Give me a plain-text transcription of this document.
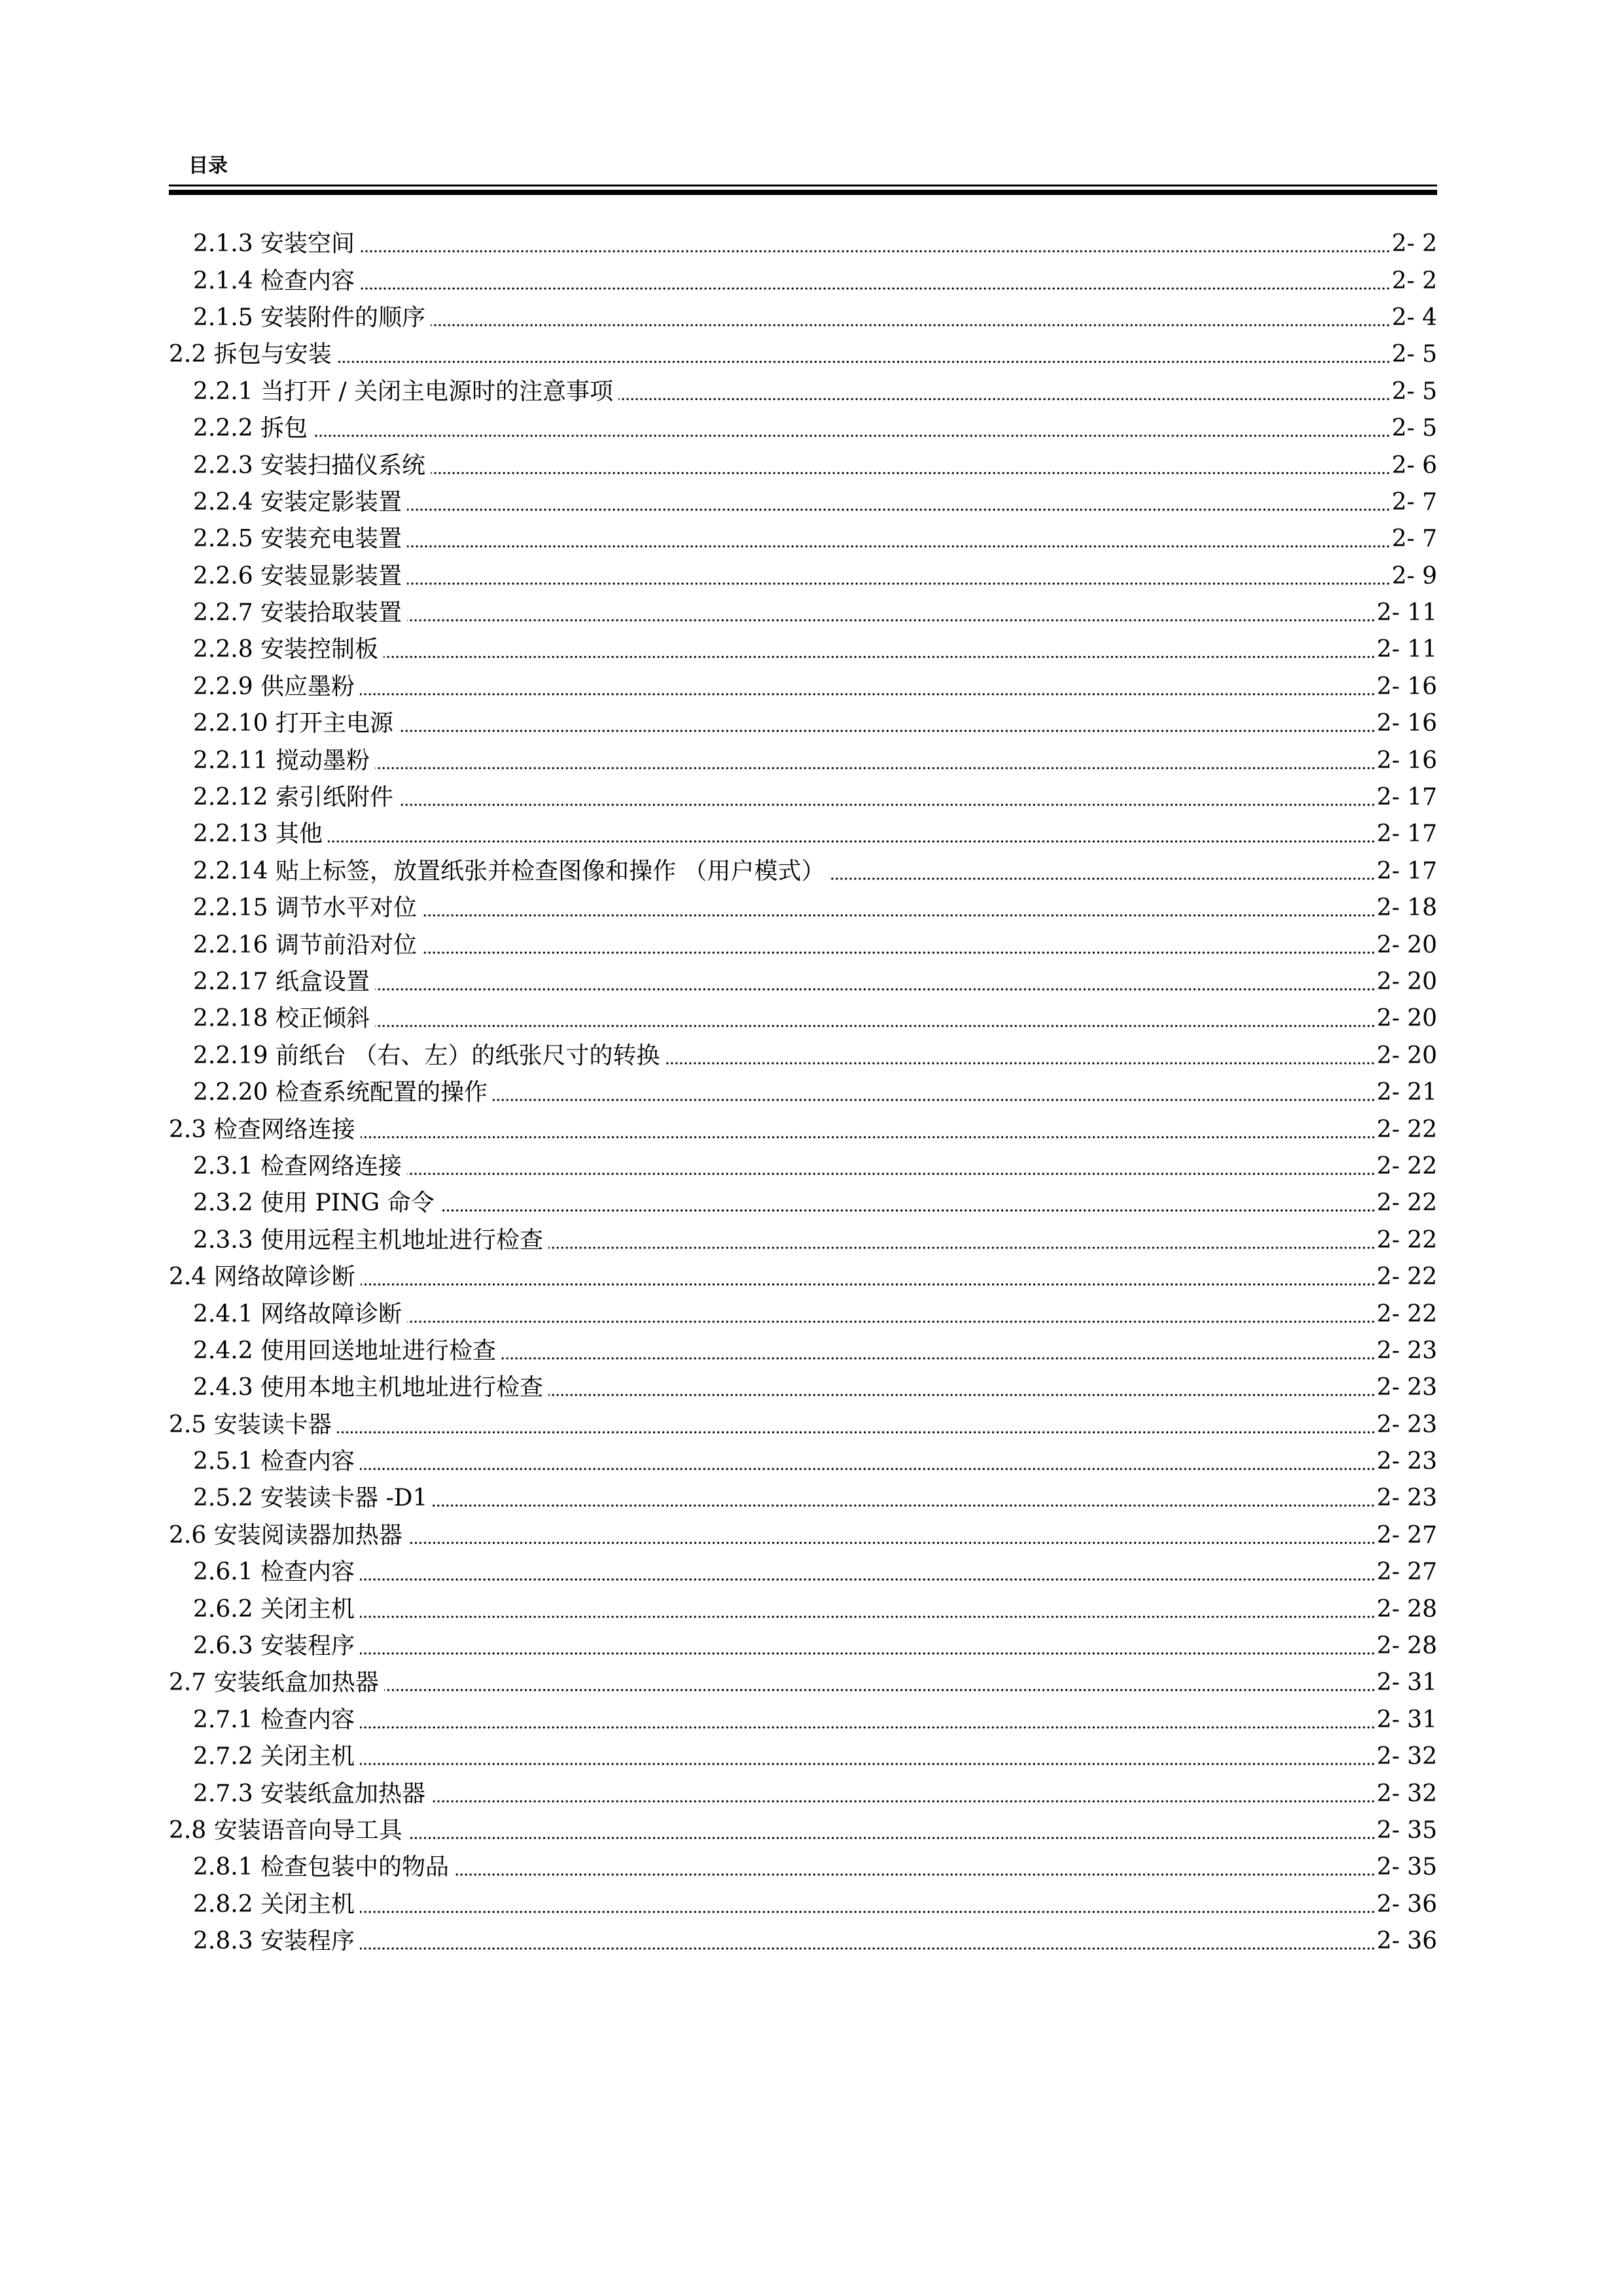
目录
2.1.3 安装空间	2- 2
2.1.4 检查内容	2- 2
2.1.5 安装附件的顺序	2- 4
2.2 拆包与安装	2- 5
2.2.1 当打开 / 关闭主电源时的注意事项	2- 5
2.2.2 拆包	2- 5
2.2.3 安装扫描仪系统	2- 6
2.2.4 安装定影装置	2- 7
2.2.5 安装充电装置	2- 7
2.2.6 安装显影装置	2- 9
2.2.7 安装拾取装置	2- 11
2.2.8 安装控制板	2- 11
2.2.9 供应墨粉	2- 16
2.2.10 打开主电源	2- 16
2.2.11 搅动墨粉	2- 16
2.2.12 索引纸附件	2- 17
2.2.13 其他	2- 17
2.2.14 贴上标签，放置纸张并检查图像和操作 （用户模式）	2- 17
2.2.15 调节水平对位	2- 18
2.2.16 调节前沿对位	2- 20
2.2.17 纸盒设置	2- 20
2.2.18 校正倾斜	2- 20
2.2.19 前纸台 （右、左）的纸张尺寸的转换	2- 20
2.2.20 检查系统配置的操作	2- 21
2.3 检查网络连接	2- 22
2.3.1 检查网络连接	2- 22
2.3.2 使用 PING 命令	2- 22
2.3.3 使用远程主机地址进行检查	2- 22
2.4 网络故障诊断	2- 22
2.4.1 网络故障诊断	2- 22
2.4.2 使用回送地址进行检查	2- 23
2.4.3 使用本地主机地址进行检查	2- 23
2.5 安装读卡器	2- 23
2.5.1 检查内容	2- 23
2.5.2 安装读卡器 -D1	2- 23
2.6 安装阅读器加热器	2- 27
2.6.1 检查内容	2- 27
2.6.2 关闭主机	2- 28
2.6.3 安装程序	2- 28
2.7 安装纸盒加热器	2- 31
2.7.1 检查内容	2- 31
2.7.2 关闭主机	2- 32
2.7.3 安装纸盒加热器	2- 32
2.8 安装语音向导工具	2- 35
2.8.1 检查包装中的物品	2- 35
2.8.2 关闭主机	2- 36
2.8.3 安装程序	2- 36
